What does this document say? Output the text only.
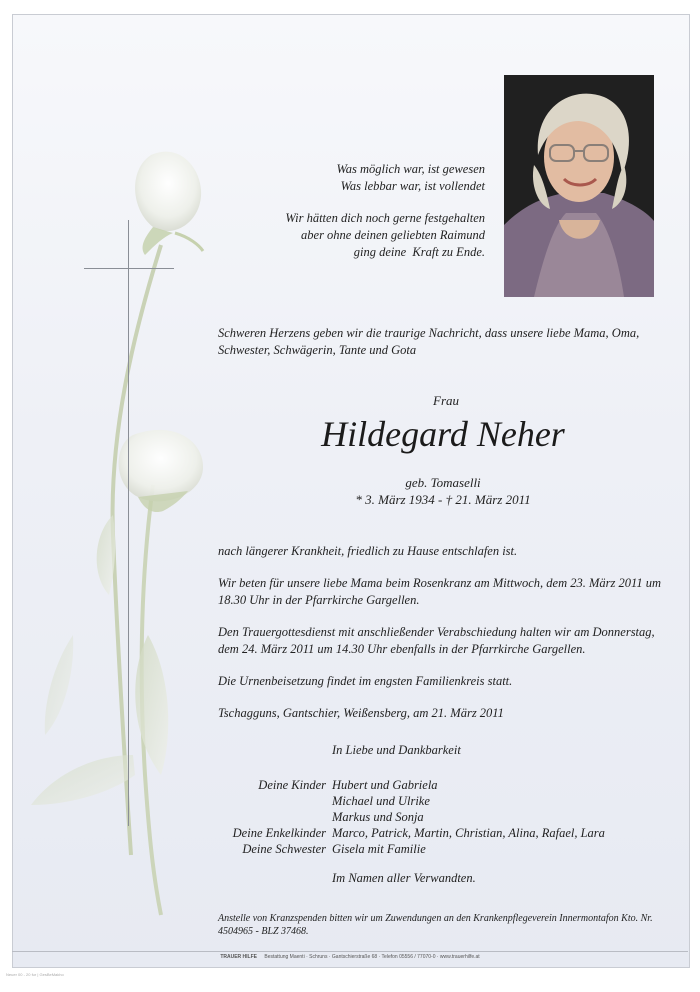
Was möglich war, ist gewesen
Was lebbar war, ist vollendet

Wir hätten dich noch gerne festgehalten
aber ohne deinen geliebten Raimund
ging deine  Kraft zu Ende.

Schweren Herzens geben wir die traurige Nachricht, dass unsere liebe Mama, Oma, Schwester, Schwägerin, Tante und Gota

Frau
Hildegard Neher
geb. Tomaselli
* 3. März 1934 - † 21. März 2011

nach längerer Krankheit, friedlich zu Hause entschlafen ist.

Wir beten für unsere liebe Mama beim Rosenkranz am Mittwoch, dem 23. März 2011 um 18.30 Uhr in der Pfarrkirche Gargellen.

Den Trauergottesdienst mit anschließender Verabschiedung halten wir am Donnerstag, dem 24. März 2011 um 14.30 Uhr ebenfalls in der Pfarrkirche Gargellen.

Die Urnenbeisetzung findet im engsten Familienkreis statt.

Tschagguns, Gantschier, Weißensberg, am 21. März 2011

In Liebe und Dankbarkeit
Deine Kinder Hubert und Gabriela
Michael und Ulrike
Markus und Sonja
Deine Enkelkinder Marco, Patrick, Martin, Christian, Alina, Rafael, Lara
Deine Schwester Gisela mit Familie
Im Namen aller Verwandten.

Anstelle von Kranzspenden bitten wir um Zuwendungen an den Krankenpflegeverein Innermontafon Kto. Nr. 4504965 - BLZ 37468.

TRAUER HILFE Bestattung Maenti · Schruns · Gantschierstraße 68 · Telefon 05556 / 77070-0 · www.trauerhilfe.at
Neuer 00 - 20 fur | GesBeMakho
